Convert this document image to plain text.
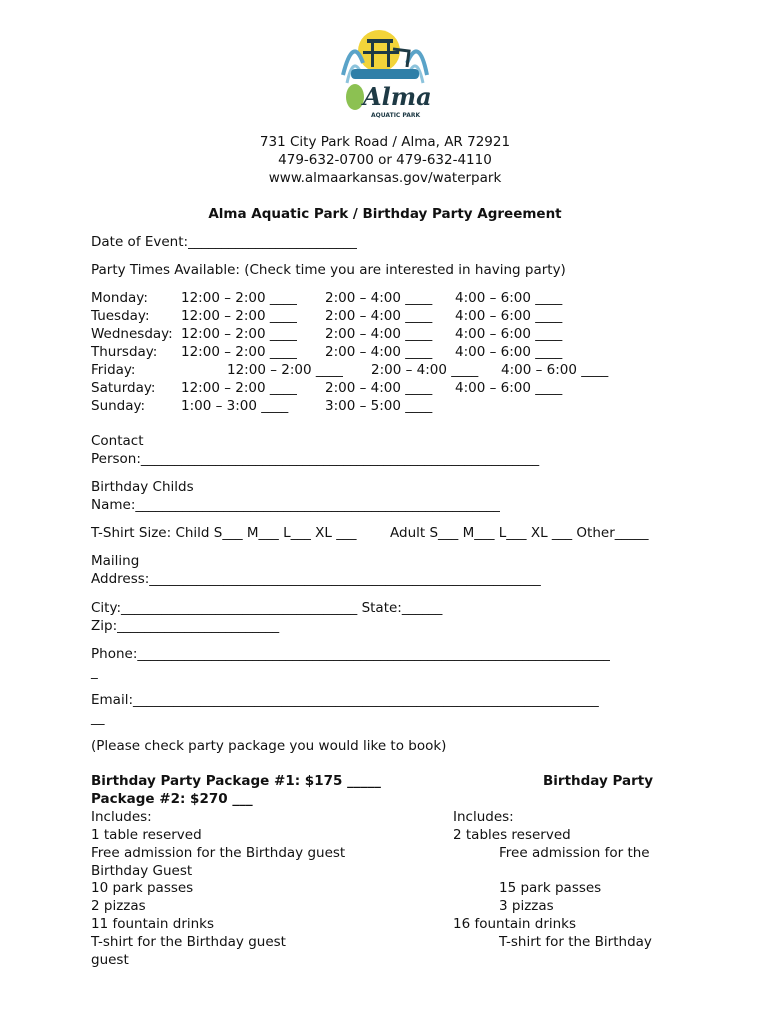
Alma
AQUATIC PARK
731 City Park Road / Alma, AR 72921
479-632-0700 or 479-632-4110
www.almaarkansas.gov/waterpark
Alma Aquatic Park / Birthday Party Agreement
Date of Event:_________________________
Party Times Available: (Check time you are interested in having party)
Monday: 12:00 – 2:00 ____ 2:00 – 4:00 ____ 4:00 – 6:00 ____
Tuesday: 12:00 – 2:00 ____ 2:00 – 4:00 ____ 4:00 – 6:00 ____
Wednesday: 12:00 – 2:00 ____ 2:00 – 4:00 ____ 4:00 – 6:00 ____
Thursday: 12:00 – 2:00 ____ 2:00 – 4:00 ____ 4:00 – 6:00 ____
Friday:	12:00 – 2:00 ____ 2:00 – 4:00 ____ 4:00 – 6:00 ____
Saturday: 12:00 – 2:00 ____ 2:00 – 4:00 ____ 4:00 – 6:00 ____
Sunday:	1:00 – 3:00 ____	3:00 – 5:00 ____
Contact
Person:___________________________________________________________
Birthday Childs
Name:______________________________________________________
T-Shirt Size: Child S___ M___ L___ XL ___ Adult S___ M___ L___ XL ___ Other_____
Mailing
Address:__________________________________________________________
City:___________________________________ State:______
Zip:________________________
Phone:______________________________________________________________________
_
Email:_____________________________________________________________________
__
(Please check party package you would like to book)
Birthday Party Package #1: $175 _____	Birthday Party
Package #2: $270 ___
Includes:	Includes:
1 table reserved	2 tables reserved
Free admission for the Birthday guest	Free admission for the
Birthday Guest
10 park passes	15 park passes
2 pizzas	3 pizzas
11 fountain drinks	16 fountain drinks
T-shirt for the Birthday guest	T-shirt for the Birthday
guest
